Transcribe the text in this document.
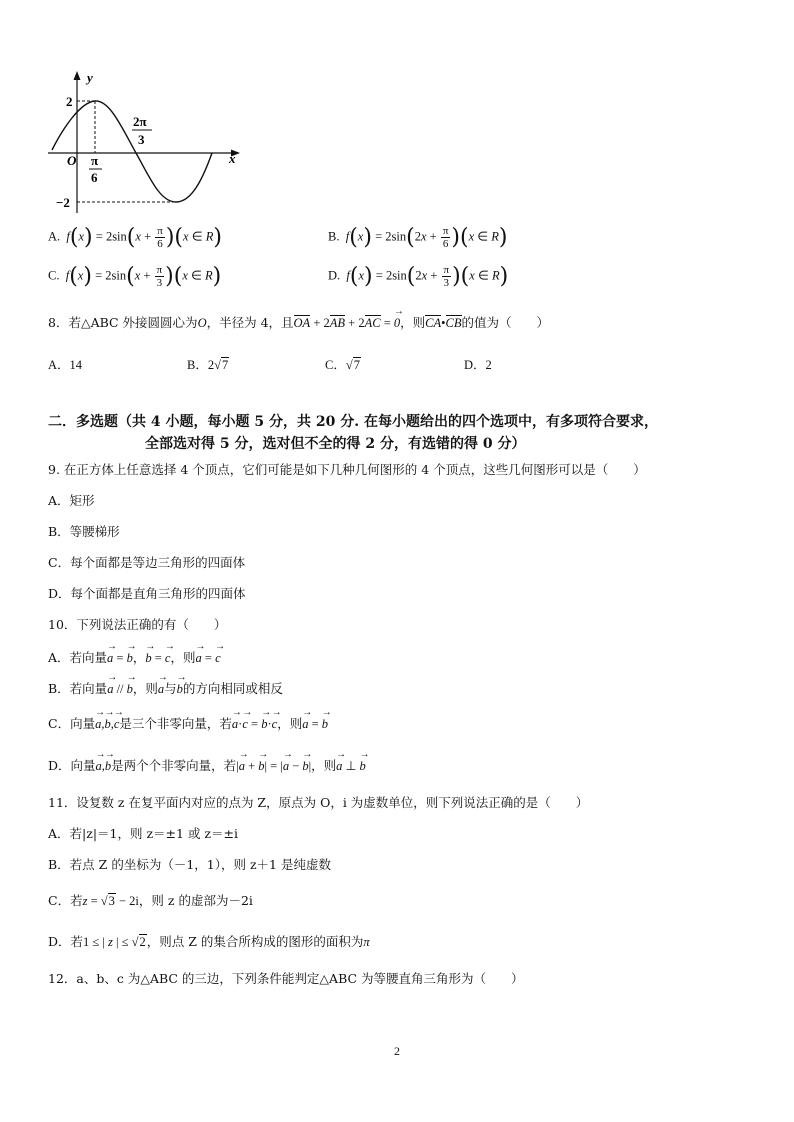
y
x
O
2
−2
π
6
2π
3
A.  $f(x) = 2\sin(x + \frac{\pi}{6} )(x$ ∈ R)	B.  $f(x) = 2\sin(2x + \frac{\pi}{6} )(x$ ∈ R)
C.  $f(x) = 2\sin(x + \frac{\pi}{3} )(x$ ∈ R)	D.  $f(x) = 2\sin(2x + \frac{\pi}{3} )(x$ ∈ R)
8．若△ABC 外接圆圆心为O，半径为 4，且OA + 2AB + 2AC = → 0，则CA•CB的值为（　　）
A．14	B．2√7	C．√7	D．2
二．多选题（共 4 小题，每小题 5 分，共 20 分. 在每小题给出的四个选项中，有多项符合要求，
全部选对得 5 分，选对但不全的得 2 分，有选错的得 0 分）
9. 在正方体上任意选择 4 个顶点，它们可能是如下几种几何图形的 4 个顶点，这些几何图形可以是（　　）
A．矩形
B．等腰梯形
C．每个面都是等边三角形的四面体
D．每个面都是直角三角形的四面体
10．下列说法正确的有（　　）
A．若向量→ a = → b，→ b = → c，则→ a = → c
B．若向量→ a // → b，则→ a与→ b的方向相同或相反
C．向量→ a,→ b,→ c是三个非零向量，若→ a·→ c = → b·→ c，则→ a = → b
D．向量→ a,→ b是两个个非零向量，若|→ a + → b| = |→ a − → b|，则→ a ⊥ → b
11．设复数 z 在复平面内对应的点为 Z，原点为 O，i 为虚数单位，则下列说法正确的是（　　）
A．若|z|＝1，则 z＝±1 或 z＝±i
B．若点 Z 的坐标为（－1，1），则 z＋1 是纯虚数
C．若z = √3 − 2i，则 z 的虚部为－2i
D．若1 ≤ | z | ≤ √2，则点 Z 的集合所构成的图形的面积为π
12．a、b、c 为△ABC 的三边，下列条件能判定△ABC 为等腰直角三角形为（　　）
2
